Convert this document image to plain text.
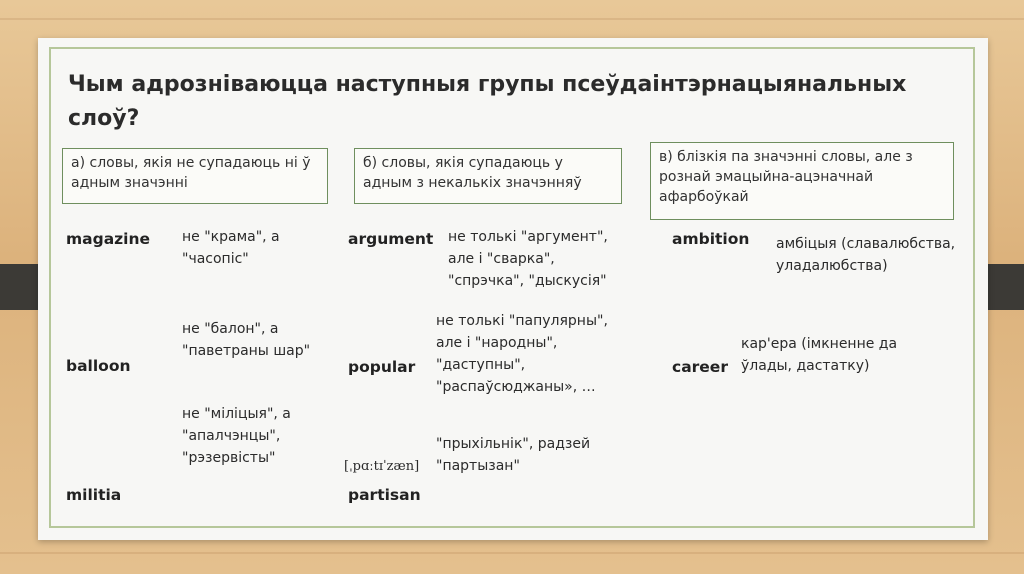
Чым адрозніваюцца наступныя групы псеўдаінтэрнацыянальных слоў?
а) словы, якія не супадаюць ні ў адным значэнні
б) словы, якія супадаюць у адным з некалькіх значэнняў
в) блізкія па значэнні словы, але з рознай эмацыйна-ацэначнай афарбоўкай
magazine не "крама", а
"часопіс"
balloon
не "балон", а
"паветраны шар"
militia
не "міліцыя", а
"апалчэнцы",
"рэзервісты"
argument не толькі "аргумент",
але і "сварка",
"спрэчка", "дыскусія"
popular
не толькі "папулярны",
але і "народны",
"даступны",
"распаўсюджаны», …
[ˌpɑːtɪˈzæn]
partisan
"прыхільнік", радзей
"партызан"
ambition амбіцыя (славалюбства,
уладалюбства)
career
кар'ера (імкненне да
ўлады, дастатку)
